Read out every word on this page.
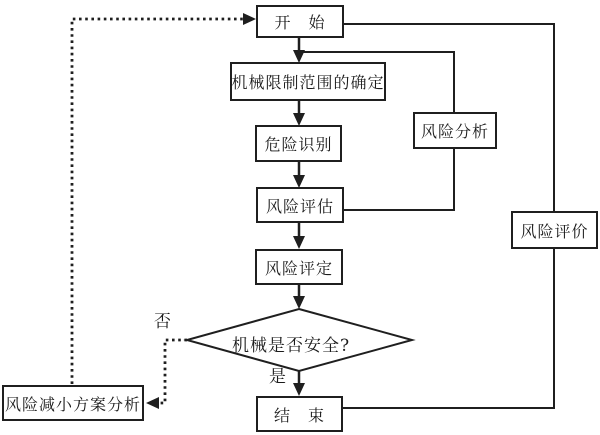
开　始
机械限制范围的确定
危险识别
风险评估
风险评定
结　束
风险分析
风险评价
风险减小方案分析
机械是否安全?
否
是
